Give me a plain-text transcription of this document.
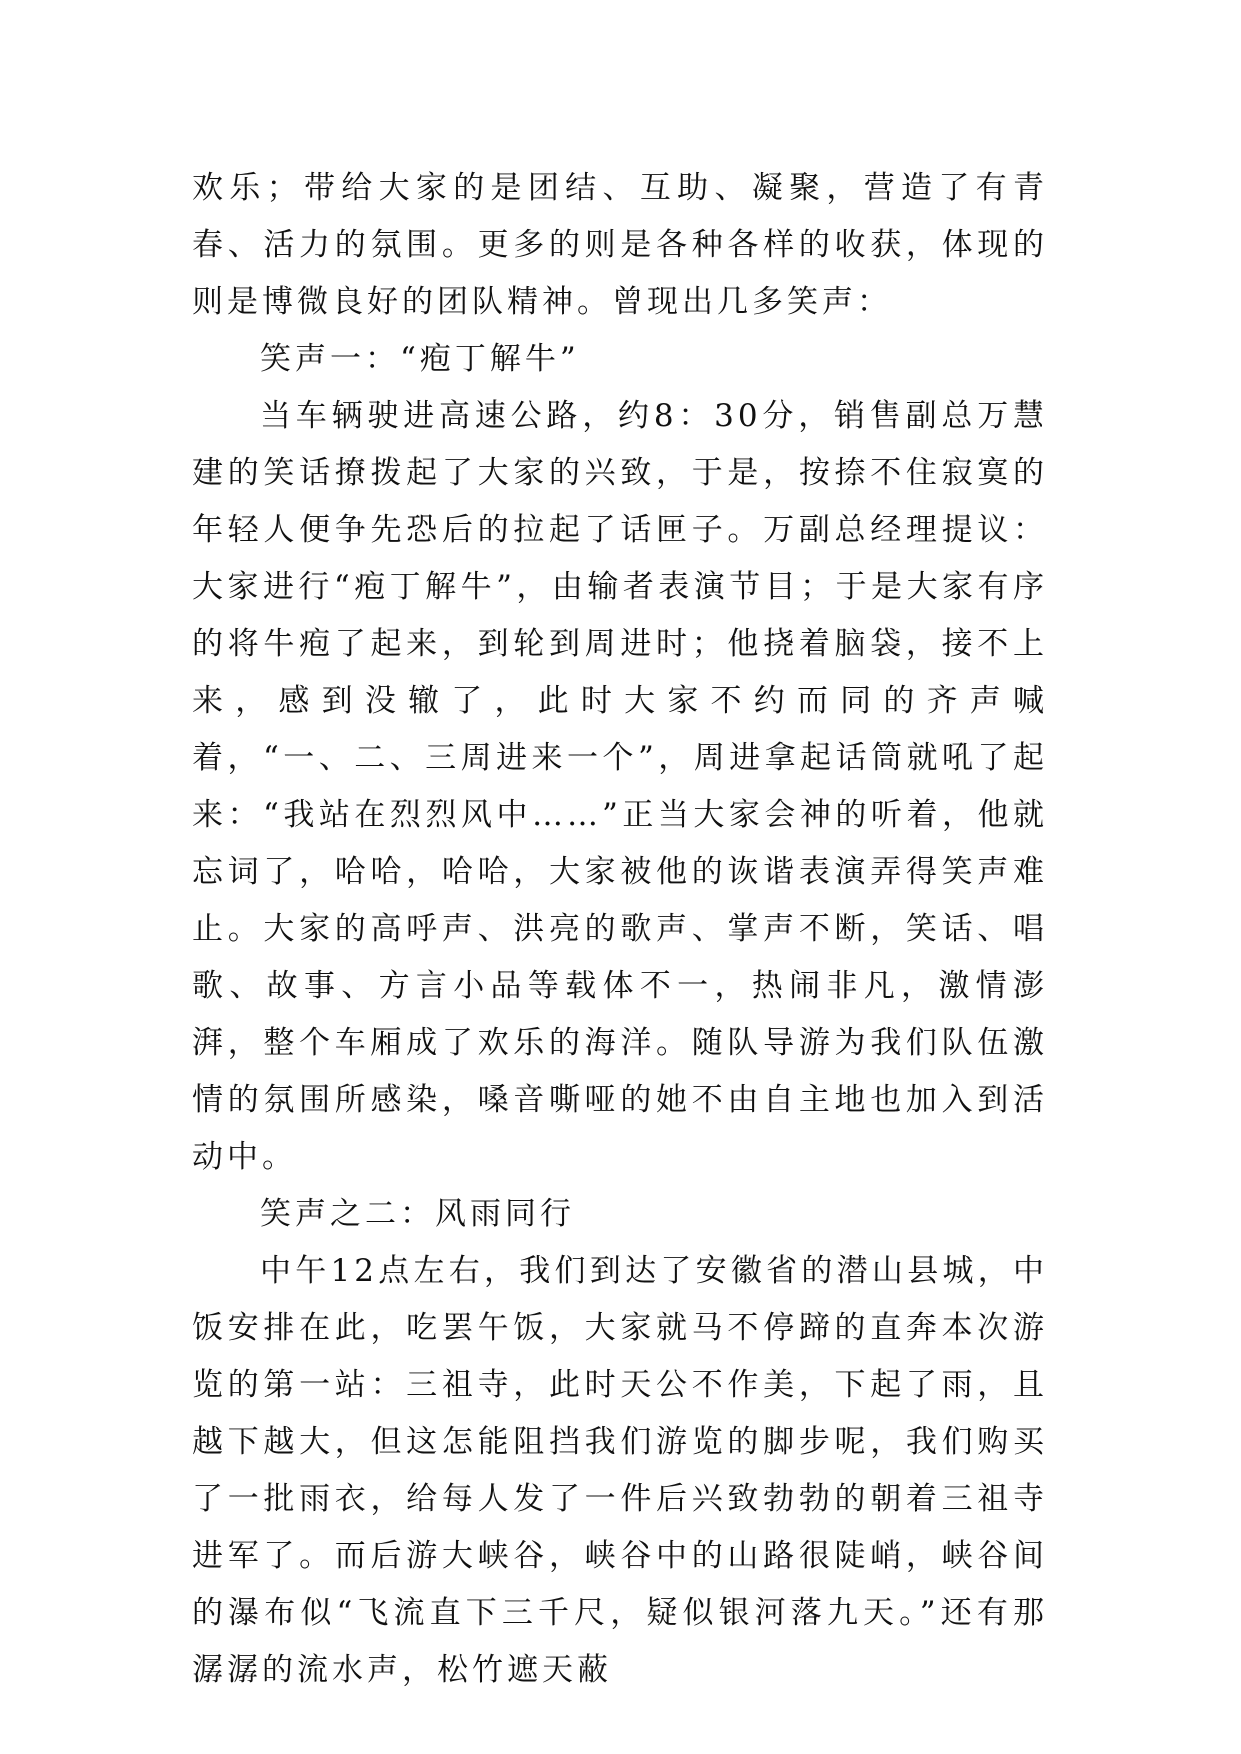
欢乐；带给大家的是团结、互助、凝聚，营造了有青春、活力的氛围。更多的则是各种各样的收获，体现的则是博微良好的团队精神。曾现出几多笑声：

笑声一：“疱丁解牛”

当车辆驶进高速公路，约8：30分，销售副总万慧建的笑话撩拨起了大家的兴致，于是，按捺不住寂寞的年轻人便争先恐后的拉起了话匣子。万副总经理提议：大家进行“疱丁解牛”，由输者表演节目；于是大家有序的将牛疱了起来，到轮到周进时；他挠着脑袋，接不上来，感到没辙了，此时大家不约而同的齐声喊着，“一、二、三周进来一个”，周进拿起话筒就吼了起来：“我站在烈烈风中……”正当大家会神的听着，他就忘词了，哈哈，哈哈，大家被他的诙谐表演弄得笑声难止。大家的高呼声、洪亮的歌声、掌声不断，笑话、唱歌、故事、方言小品等载体不一，热闹非凡，激情澎湃，整个车厢成了欢乐的海洋。随队导游为我们队伍激情的氛围所感染，嗓音嘶哑的她不由自主地也加入到活动中。

笑声之二：风雨同行

中午12点左右，我们到达了安徽省的潜山县城，中饭安排在此，吃罢午饭，大家就马不停蹄的直奔本次游览的第一站：三祖寺，此时天公不作美，下起了雨，且越下越大，但这怎能阻挡我们游览的脚步呢，我们购买了一批雨衣，给每人发了一件后兴致勃勃的朝着三祖寺进军了。而后游大峡谷，峡谷中的山路很陡峭，峡谷间的瀑布似“飞流直下三千尺，疑似银河落九天。”还有那潺潺的流水声，松竹遮天蔽
